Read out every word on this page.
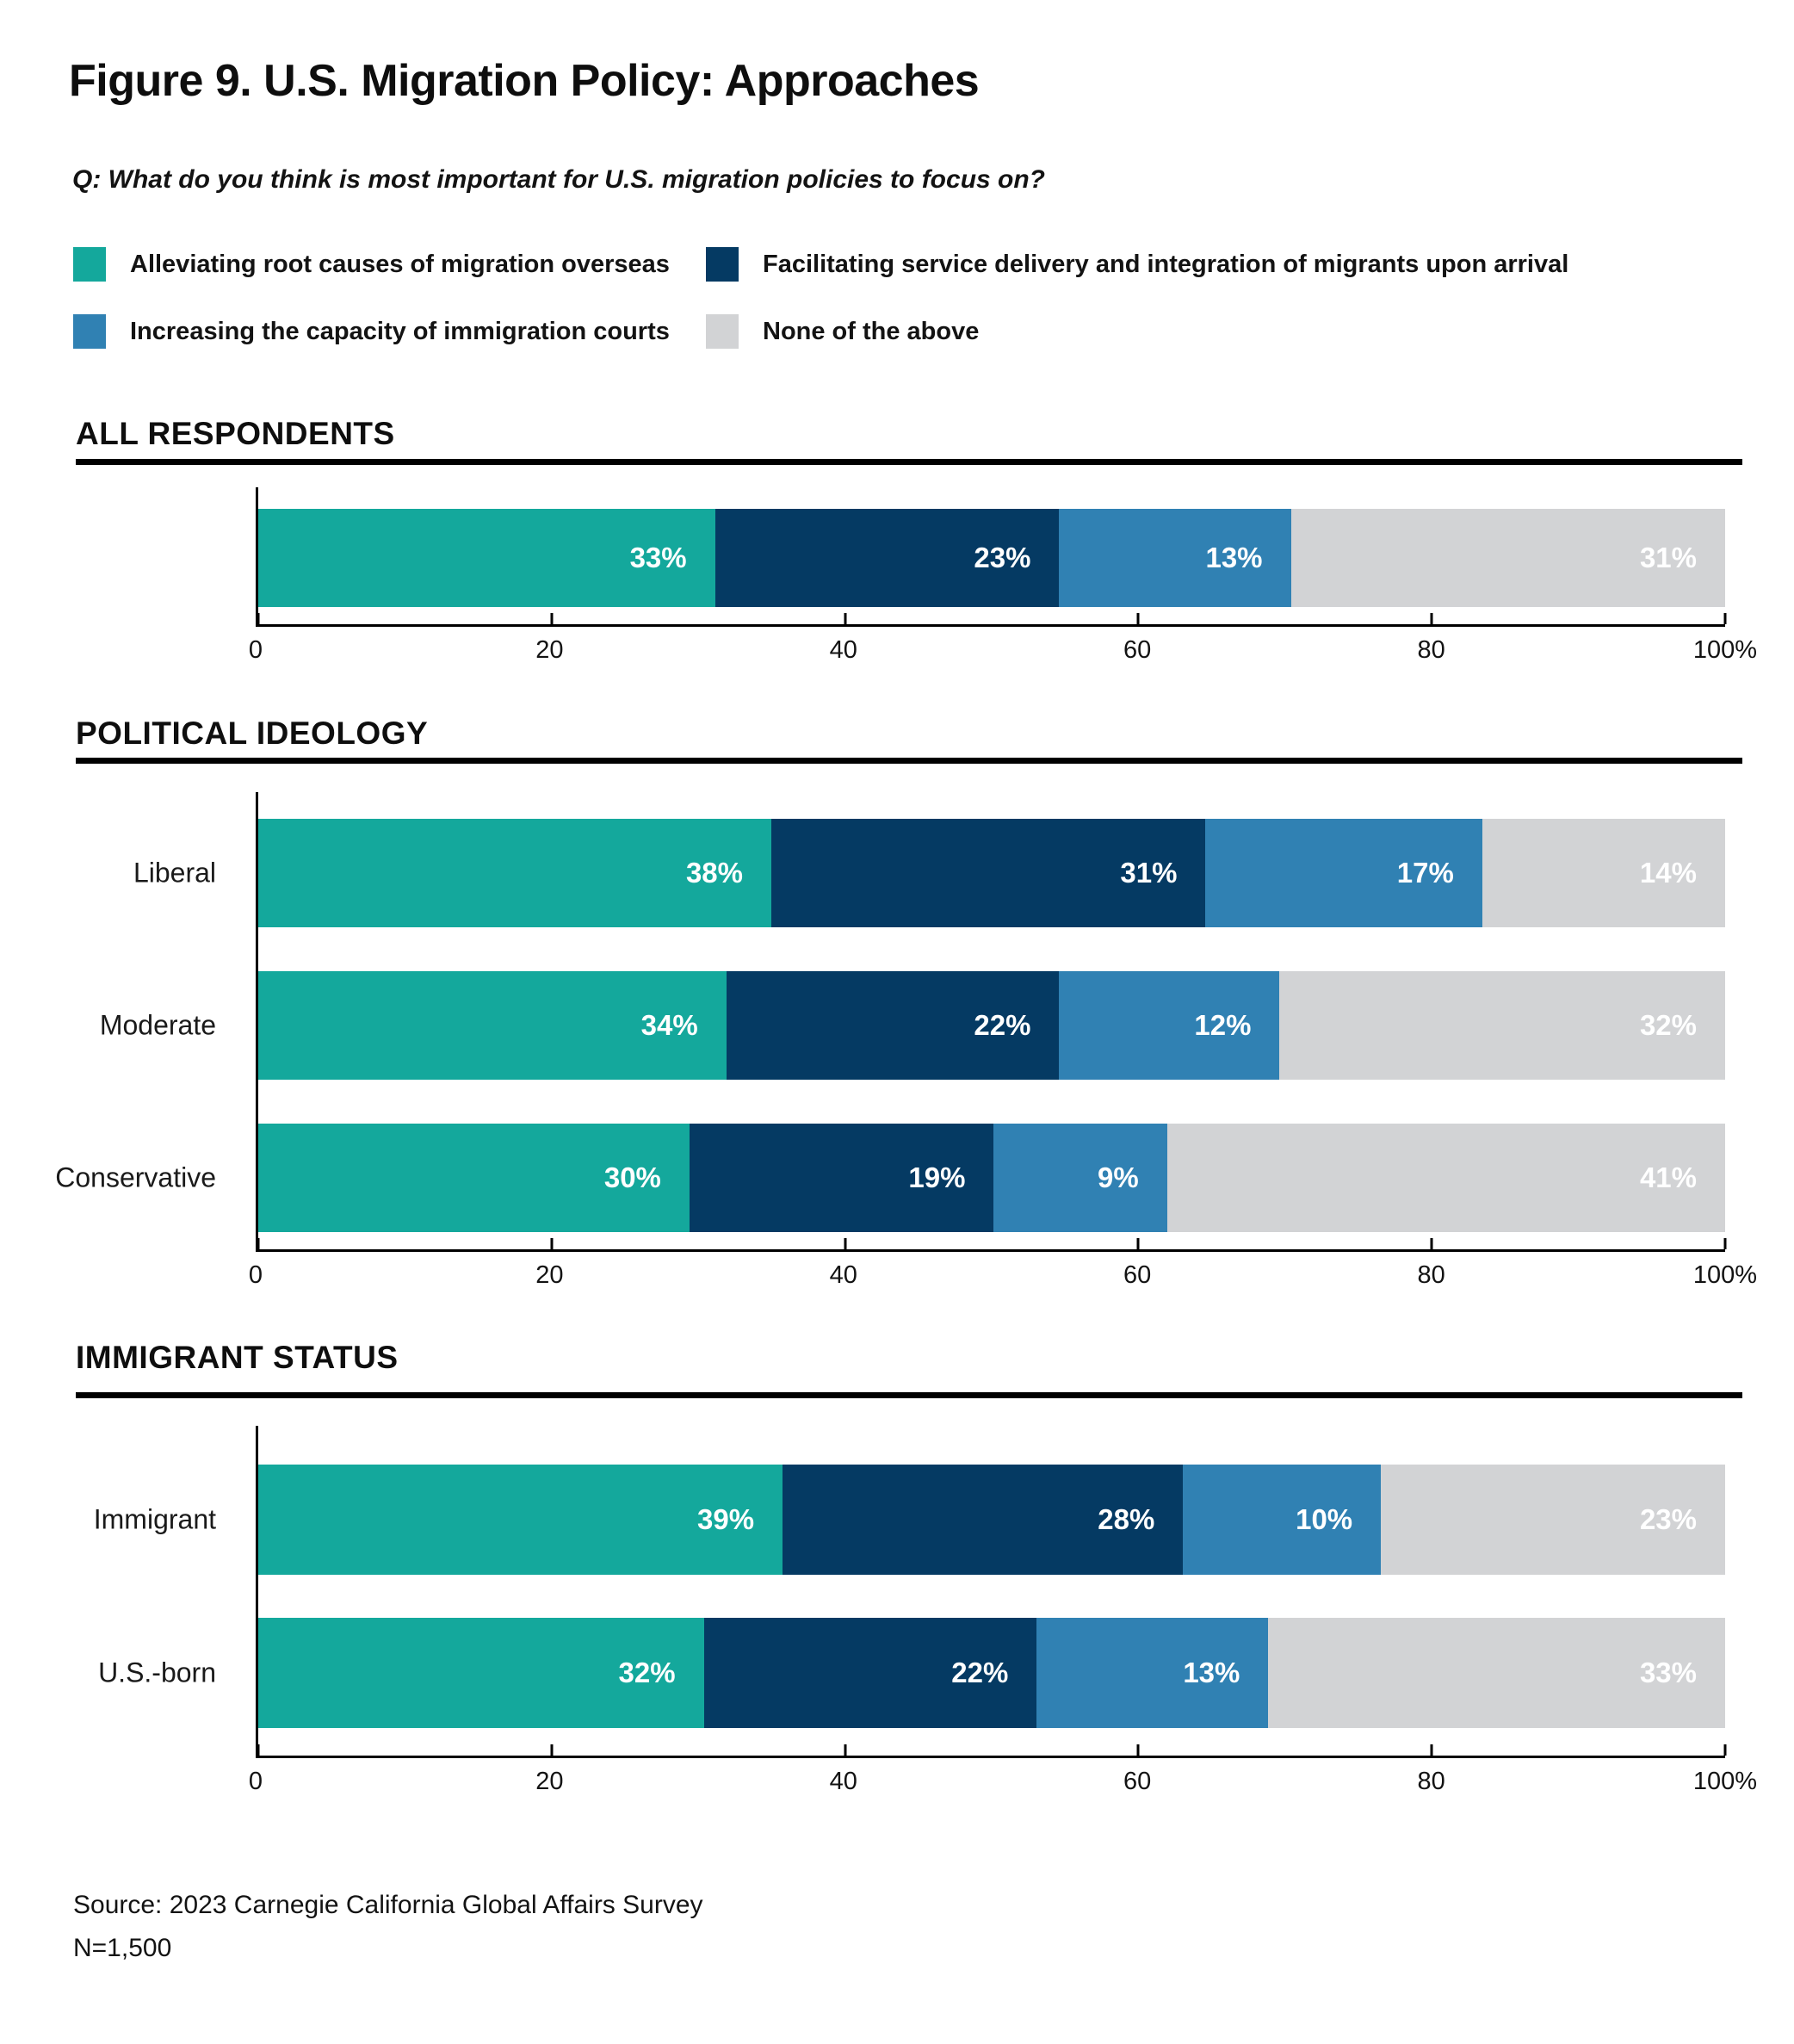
Figure 9. U.S. Migration Policy: Approaches

Q: What do you think is most important for U.S. migration policies to focus on?

Alleviating root causes of migration overseas	Facilitating service delivery and integration of migrants upon arrival
Increasing the capacity of immigration courts	None of the above
ALL RESPONDENTS
33%	23%	13%	31%
0	20	40	60	80	100%
POLITICAL IDEOLOGY
Liberal	38%	31%	17%	14%
Moderate	34%	22%	12%	32%
Conservative	30%	19%	9%	41%
0	20	40	60	80	100%
IMMIGRANT STATUS
Immigrant	39%	28%	10%	23%
U.S.-born	32%	22%	13%	33%
0	20	40	60	80	100%

Source: 2023 Carnegie California Global Affairs Survey

N=1,500
